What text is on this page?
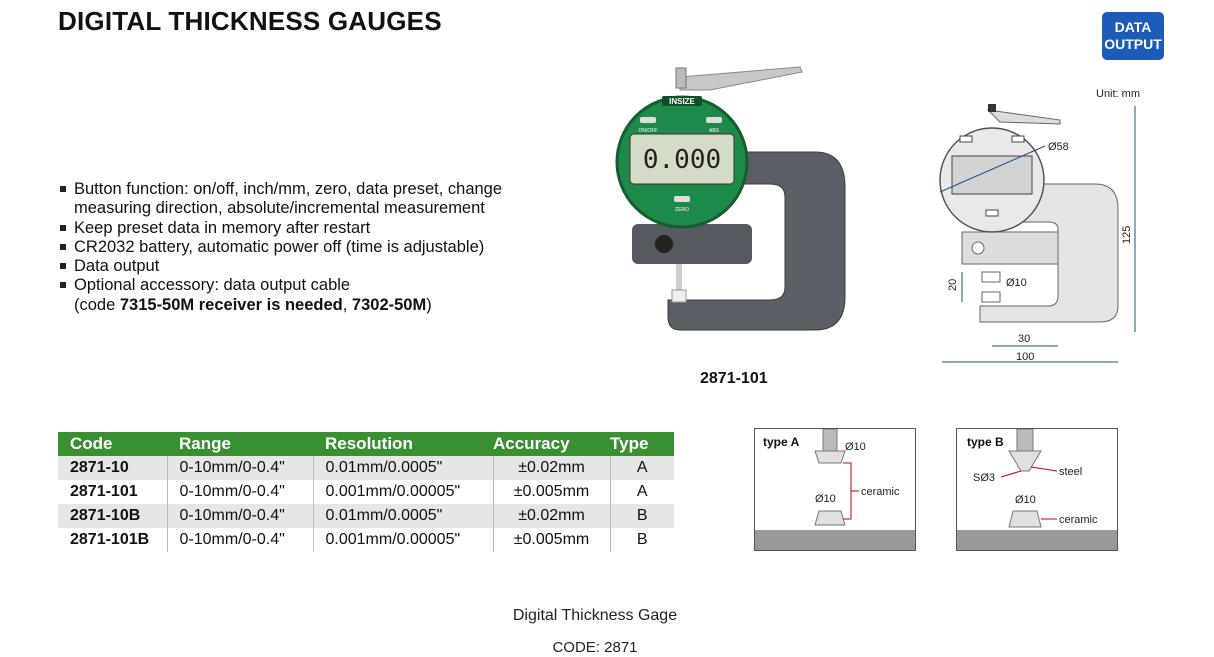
DIGITAL THICKNESS GAUGES	DATA
OUTPUT
Button function: on/off, inch/mm, zero, data preset, change
measuring direction, absolute/incremental measurement
Keep preset data in memory after restart
CR2032 battery, automatic power off (time is adjustable)
Data output
Optional accessory: data output cable
(code 7315-50M receiver is needed, 7302-50M)
INSIZE
0.000
ON/OFF	ABS
ZERO
2871-101
Unit: mm
Ø58
125
20	Ø10
30
100
Code	Range	Resolution	Accuracy	Type
2871-10	0-10mm/0-0.4"	0.01mm/0.0005"	±0.02mm	A
2871-101	0-10mm/0-0.4"	0.001mm/0.00005"	±0.005mm	A
2871-10B	0-10mm/0-0.4"	0.01mm/0.0005"	±0.02mm	B
2871-101B	0-10mm/0-0.4"	0.001mm/0.00005"	±0.005mm	B
type A	Ø10
Ø10
ceramic
type B
steel
SØ3
Ø10
ceramic
Digital Thickness Gage
CODE: 2871
